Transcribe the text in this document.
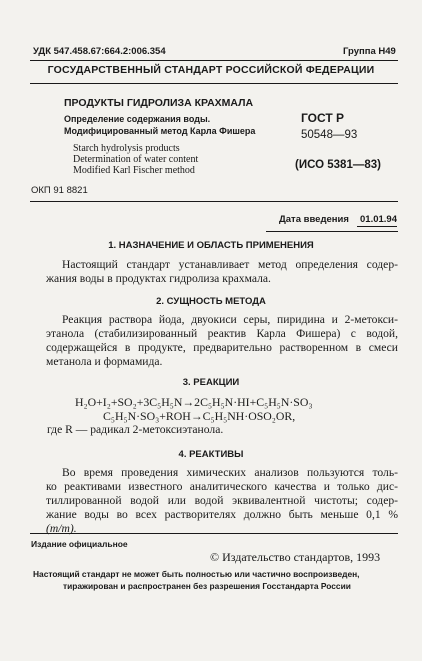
УДК 547.458.67:664.2:006.354	Группа Н49
ГОСУДАРСТВЕННЫЙ СТАНДАРТ РОССИЙСКОЙ ФЕДЕРАЦИИ
ПРОДУКТЫ ГИДРОЛИЗА КРАХМАЛА
Определение содержания воды.
Модифицированный метод Карла Фишера
Starch hydrolysis products
Determination of water content
Modified Karl Fischer method
ГОСТ Р
50548—93
(ИСО 5381—83)
ОКП 91 8821
Дата введения 01.01.94
1. НАЗНАЧЕНИЕ И ОБЛАСТЬ ПРИМЕНЕНИЯ
Настоящий стандарт устанавливает метод определения содер-
жания воды в продуктах гидролиза крахмала.
2. СУЩНОСТЬ МЕТОДА
Реакция раствора йода, двуокиси серы, пиридина и 2-метокси-
этанола (стабилизированный реактив Карла Фишера) с водой,
содержащейся в продукте, предварительно растворенном в смеси
метанола и формамида.
3. РЕАКЦИИ
H₂O+I₂+SO₂+3C₅H₅N→2C₅H₅N·HI+C₅H₅N·SO₃
C₅H₅N·SO₃+ROH→C₅H₅NH·OSO₂OR,
где R — радикал 2-метоксиэтанола.
4. РЕАКТИВЫ
Во время проведения химических анализов пользуются толь-
ко реактивами известного аналитического качества и только дис-
тиллированной водой или водой эквивалентной чистоты; содер-
жание воды во всех растворителях должно быть меньше 0,1 %
(m/m).
Издание официальное
© Издательство стандартов, 1993
Настоящий стандарт не может быть полностью или частично воспроизведен,
тиражирован и распространен без разрешения Госстандарта России
